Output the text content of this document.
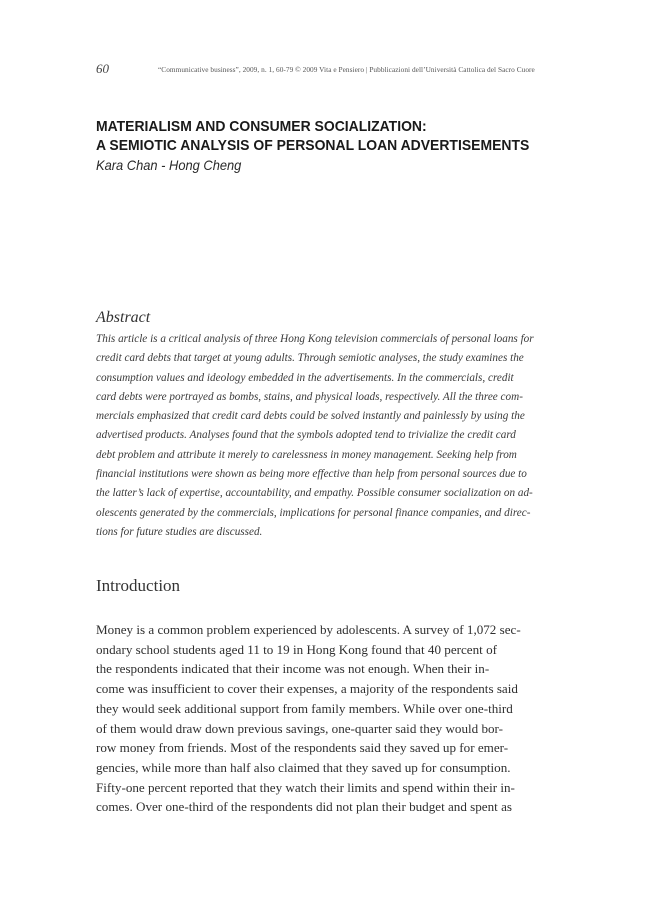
60	“Communicative business”, 2009, n. 1, 60-79 © 2009 Vita e Pensiero | Pubblicazioni dell’Università Cattolica del Sacro Cuore
MATERIALISM AND CONSUMER SOCIALIZATION:
A SEMIOTIC ANALYSIS OF PERSONAL LOAN ADVERTISEMENTS
Kara Chan - Hong Cheng
Abstract

This article is a critical analysis of three Hong Kong television commercials of personal loans for
credit card debts that target at young adults. Through semiotic analyses, the study examines the
consumption values and ideology embedded in the advertisements. In the commercials, credit
card debts were portrayed as bombs, stains, and physical loads, respectively. All the three com-
mercials emphasized that credit card debts could be solved instantly and painlessly by using the
advertised products. Analyses found that the symbols adopted tend to trivialize the credit card
debt problem and attribute it merely to carelessness in money management. Seeking help from
financial institutions were shown as being more effective than help from personal sources due to
the latter’s lack of expertise, accountability, and empathy. Possible consumer socialization on ad-
olescents generated by the commercials, implications for personal finance companies, and direc-
tions for future studies are discussed.

Introduction

Money is a common problem experienced by adolescents. A survey of 1,072 sec-
ondary school students aged 11 to 19 in Hong Kong found that 40 percent of
the respondents indicated that their income was not enough. When their in-
come was insufficient to cover their expenses, a majority of the respondents said
they would seek additional support from family members. While over one-third
of them would draw down previous savings, one-quarter said they would bor-
row money from friends. Most of the respondents said they saved up for emer-
gencies, while more than half also claimed that they saved up for consumption.
Fifty-one percent reported that they watch their limits and spend within their in-
comes. Over one-third of the respondents did not plan their budget and spent as
